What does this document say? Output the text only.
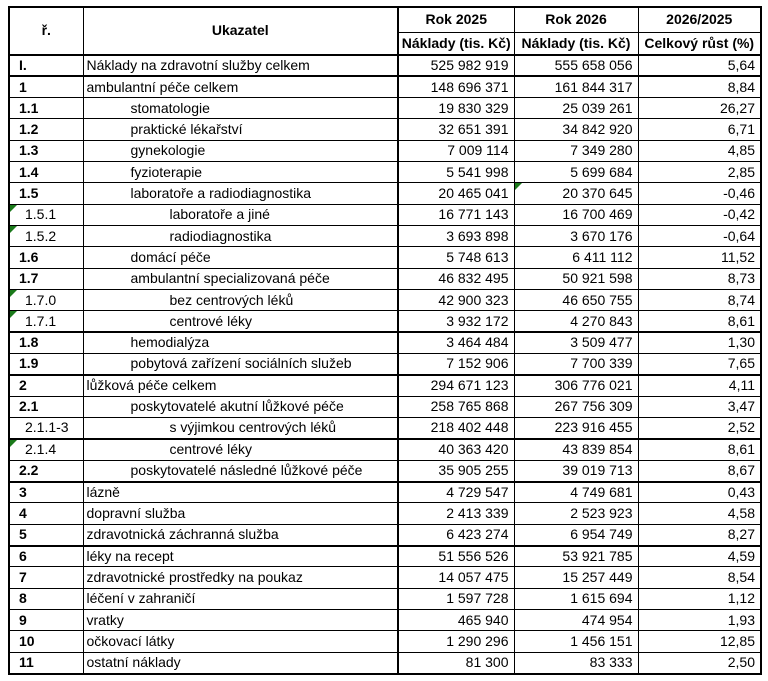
ř.	Ukazatel	Rok 2025	Rok 2026	2026/2025
		Náklady (tis. Kč)	Náklady (tis. Kč)	Celkový růst (%)
I.	Náklady na zdravotní služby celkem	525 982 919	555 658 056	5,64
1	ambulantní péče celkem	148 696 371	161 844 317	8,84
1.1	stomatologie	19 830 329	25 039 261	26,27
1.2	praktické lékařství	32 651 391	34 842 920	6,71
1.3	gynekologie	7 009 114	7 349 280	4,85
1.4	fyzioterapie	5 541 998	5 699 684	2,85
1.5	laboratoře a radiodiagnostika	20 465 041	20 370 645	-0,46

1.5.1	laboratoře a jiné	16 771 143	16 700 469	-0,42

1.5.2	radiodiagnostika	3 693 898	3 670 176	-0,64
1.6	domácí péče	5 748 613	6 411 112	11,52
1.7	ambulantní specializovaná péče	46 832 495	50 921 598	8,73

1.7.0	bez centrových léků	42 900 323	46 650 755	8,74

1.7.1	centrové léky	3 932 172	4 270 843	8,61
1.8	hemodialýza	3 464 484	3 509 477	1,30
1.9	pobytová zařízení sociálních služeb	7 152 906	7 700 339	7,65
2	lůžková péče celkem	294 671 123	306 776 021	4,11
2.1	poskytovatelé akutní lůžkové péče	258 765 868	267 756 309	3,47
2.1.1-3	s výjimkou centrových léků	218 402 448	223 916 455	2,52

2.1.4	centrové léky	40 363 420	43 839 854	8,61
2.2	poskytovatelé následné lůžkové péče	35 905 255	39 019 713	8,67
3	lázně	4 729 547	4 749 681	0,43
4	dopravní služba	2 413 339	2 523 923	4,58
5	zdravotnická záchranná služba	6 423 274	6 954 749	8,27
6	léky na recept	51 556 526	53 921 785	4,59
7	zdravotnické prostředky na poukaz	14 057 475	15 257 449	8,54
8	léčení v zahraničí	1 597 728	1 615 694	1,12
9	vratky	465 940	474 954	1,93
10	očkovací látky	1 290 296	1 456 151	12,85
11	ostatní náklady	81 300	83 333	2,50
